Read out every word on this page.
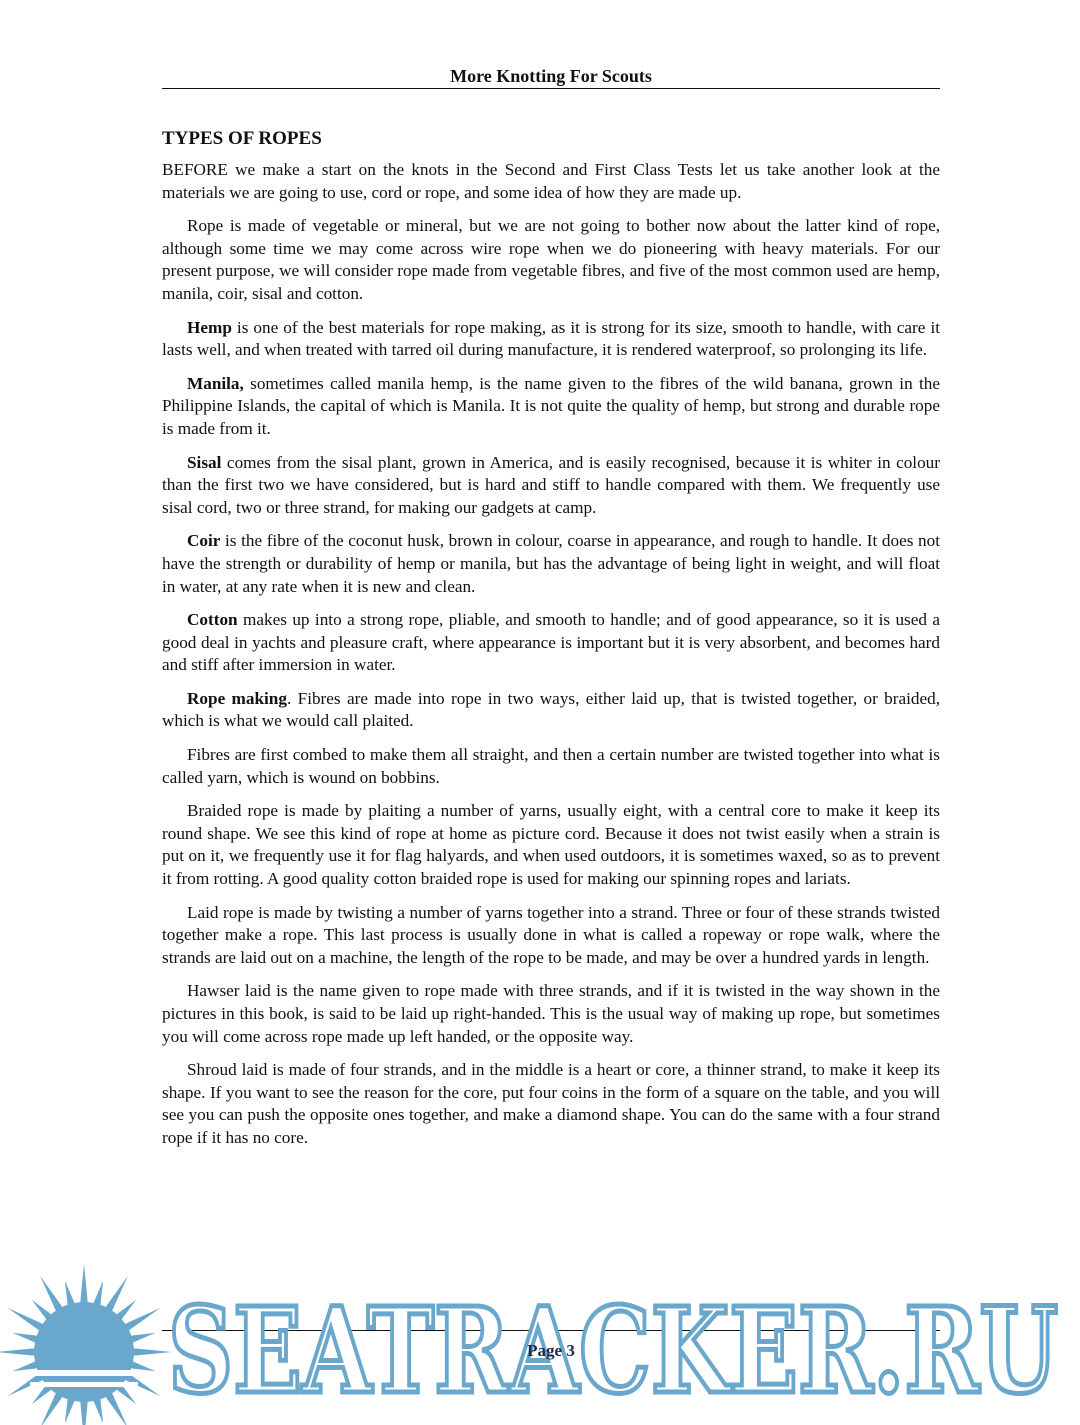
More Knotting For Scouts
TYPES OF ROPES

BEFORE we make a start on the knots in the Second and First Class Tests let us take another look at the materials we are going to use, cord or rope, and some idea of how they are made up.

Rope is made of vegetable or mineral, but we are not going to bother now about the latter kind of rope, although some time we may come across wire rope when we do pioneering with heavy materials. For our present purpose, we will consider rope made from vegetable fibres, and five of the most common used are hemp, manila, coir, sisal and cotton.

Hemp is one of the best materials for rope making, as it is strong for its size, smooth to handle, with care it lasts well, and when treated with tarred oil during manufacture, it is rendered waterproof, so prolonging its life.

Manila, sometimes called manila hemp, is the name given to the fibres of the wild banana, grown in the Philippine Islands, the capital of which is Manila. It is not quite the quality of hemp, but strong and durable rope is made from it.

Sisal comes from the sisal plant, grown in America, and is easily recognised, because it is whiter in colour than the first two we have considered, but is hard and stiff to handle compared with them. We frequently use sisal cord, two or three strand, for making our gadgets at camp.

Coir is the fibre of the coconut husk, brown in colour, coarse in appearance, and rough to handle. It does not have the strength or durability of hemp or manila, but has the advantage of being light in weight, and will float in water, at any rate when it is new and clean.

Cotton makes up into a strong rope, pliable, and smooth to handle; and of good appearance, so it is used a good deal in yachts and pleasure craft, where appearance is important but it is very absorbent, and becomes hard and stiff after immersion in water.

Rope making. Fibres are made into rope in two ways, either laid up, that is twisted together, or braided, which is what we would call plaited.

Fibres are first combed to make them all straight, and then a certain number are twisted together into what is called yarn, which is wound on bobbins.

Braided rope is made by plaiting a number of yarns, usually eight, with a central core to make it keep its round shape. We see this kind of rope at home as picture cord. Because it does not twist easily when a strain is put on it, we frequently use it for flag halyards, and when used outdoors, it is sometimes waxed, so as to prevent it from rotting. A good quality cotton braided rope is used for making our spinning ropes and lariats.

Laid rope is made by twisting a number of yarns together into a strand. Three or four of these strands twisted together make a rope. This last process is usually done in what is called a ropeway or rope walk, where the strands are laid out on a machine, the length of the rope to be made, and may be over a hundred yards in length.

Hawser laid is the name given to rope made with three strands, and if it is twisted in the way shown in the pictures in this book, is said to be laid up right-handed. This is the usual way of making up rope, but sometimes you will come across rope made up left handed, or the opposite way.

Shroud laid is made of four strands, and in the middle is a heart or core, a thinner strand, to make it keep its shape. If you want to see the reason for the core, put four coins in the form of a square on the table, and you will see you can push the opposite ones together, and make a diamond shape. You can do the same with a four strand rope if it has no core.

SEATRACKER.RU
Page 3
